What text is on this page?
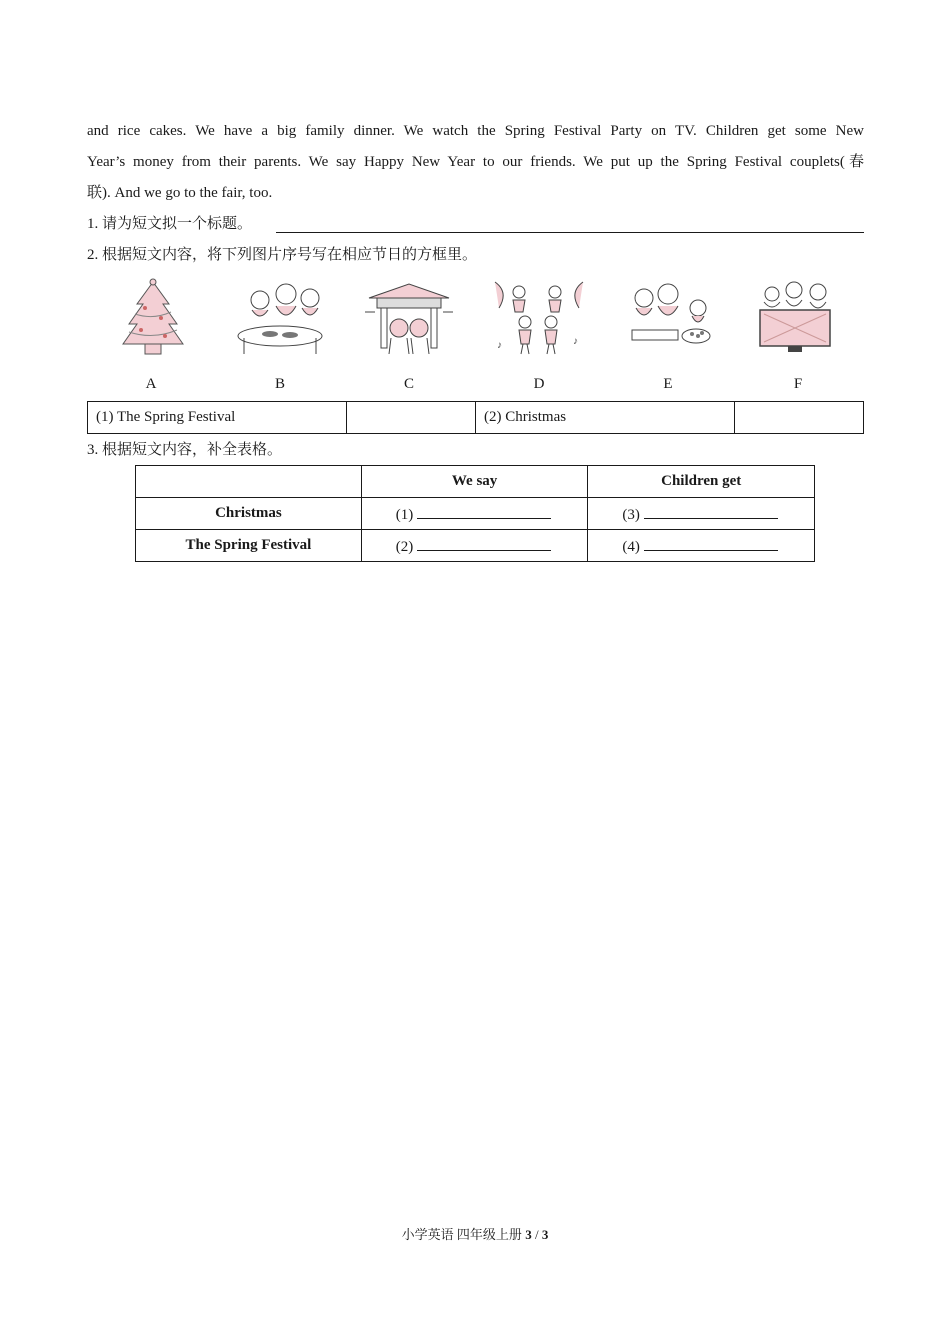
and rice cakes. We have a big family dinner. We watch the Spring Festival Party on TV. Children get some New
Year’s money from their parents. We say Happy New Year to our friends. We put up the Spring Festival couplets(春
联). And we go to the fair, too.
1. 请为短文拟一个标题。
2. 根据短文内容，将下列图片序号写在相应节日的方框里。
A	B	C
♪	♪
D	E	F
(1) The Spring Festival		(2) Christmas	
3. 根据短文内容，补全表格。
	We say	Children get
Christmas	(1)	(3)
The Spring Festival	(2)	(4)
小学英语 四年级上册 3 / 3
